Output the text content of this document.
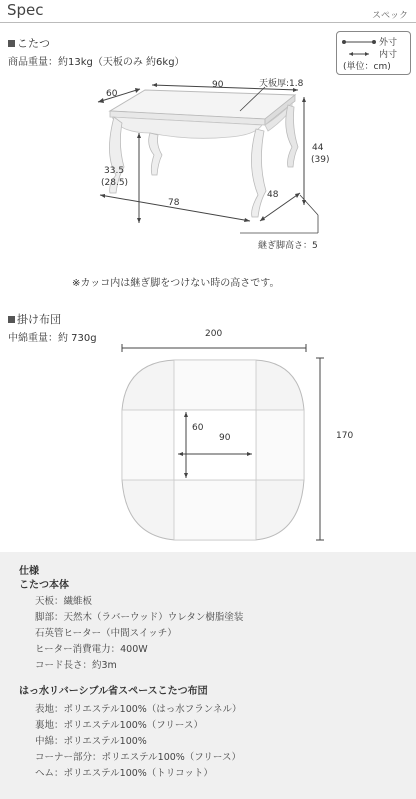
Spec	スペック
こたつ
商品重量：約13kg（天板のみ 約6kg）
外寸
内寸
(単位：cm)
60
90	天板厚:1.8
44
(39)
33.5
(28.5)
78
48
継ぎ脚高さ：5
※カッコ内は継ぎ脚をつけない時の高さです。
掛け布団
中綿重量：約 730g	200
170
60
90
仕様
こたつ本体
天板：繊維板
脚部：天然木（ラバーウッド）ウレタン樹脂塗装
石英管ヒーター（中間スイッチ）
ヒーター消費電力：400W
コード長さ：約3m
はっ水リバーシブル省スペースこたつ布団
表地：ポリエステル100%（はっ水フランネル）
裏地：ポリエステル100%（フリース）
中綿：ポリエステル100%
コーナー部分：ポリエステル100%（フリース）
ヘム：ポリエステル100%（トリコット）
